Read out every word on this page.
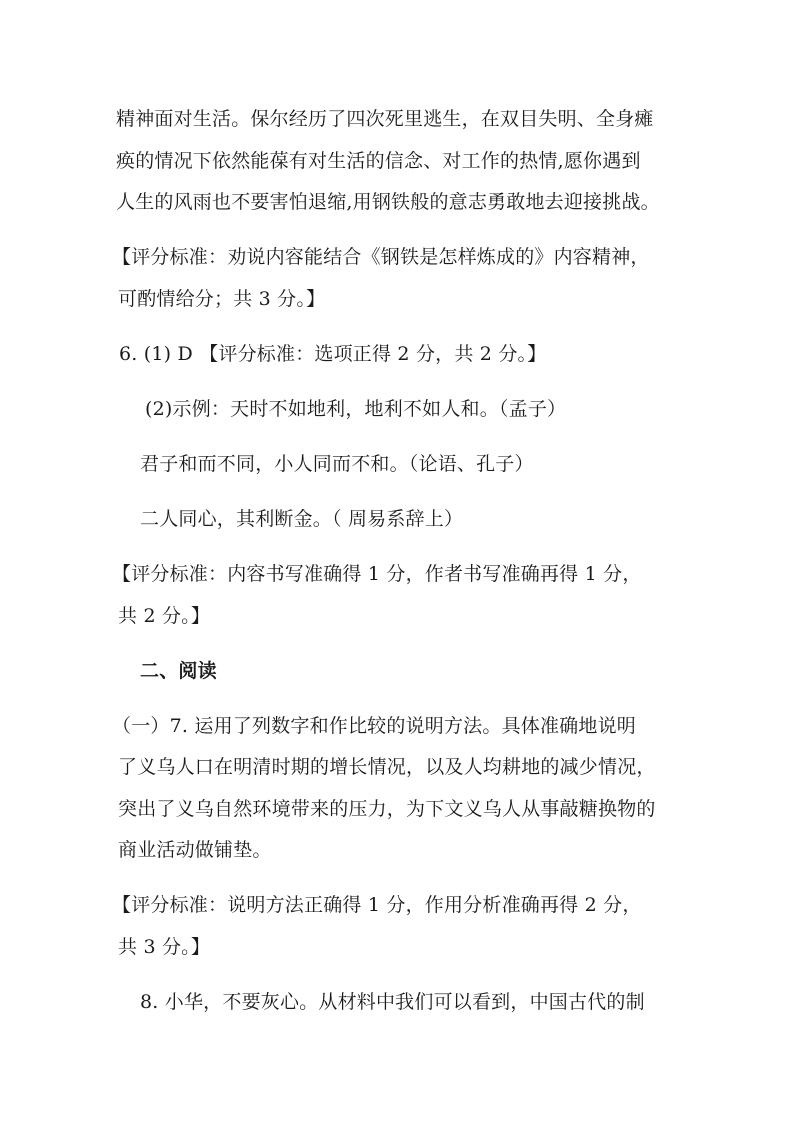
精神面对生活。保尔经历了四次死里逃生，在双目失明、全身瘫
痪的情况下依然能葆有对生活的信念、对工作的热情,愿你遇到
人生的风雨也不要害怕退缩,用钢铁般的意志勇敢地去迎接挑战。
【评分标准：劝说内容能结合《钢铁是怎样炼成的》内容精神，
可酌情给分；共 3 分。】
6. (1) D 【评分标准：选项正得 2 分，共 2 分。】
(2)示例：天时不如地利，地利不如人和。（孟子）
君子和而不同，小人同而不和。（论语、孔子）
二人同心，其利断金。（ 周易系辞上）
【评分标准：内容书写准确得 1 分，作者书写准确再得 1 分，
共 2 分。】
二、阅读
（一）7. 运用了列数字和作比较的说明方法。具体准确地说明
了义乌人口在明清时期的增长情况，以及人均耕地的减少情况，
突出了义乌自然环境带来的压力，为下文义乌人从事敲糖换物的
商业活动做铺垫。
【评分标准：说明方法正确得 1 分，作用分析准确再得 2 分，
共 3 分。】
8. 小华，不要灰心。从材料中我们可以看到，中国古代的制
